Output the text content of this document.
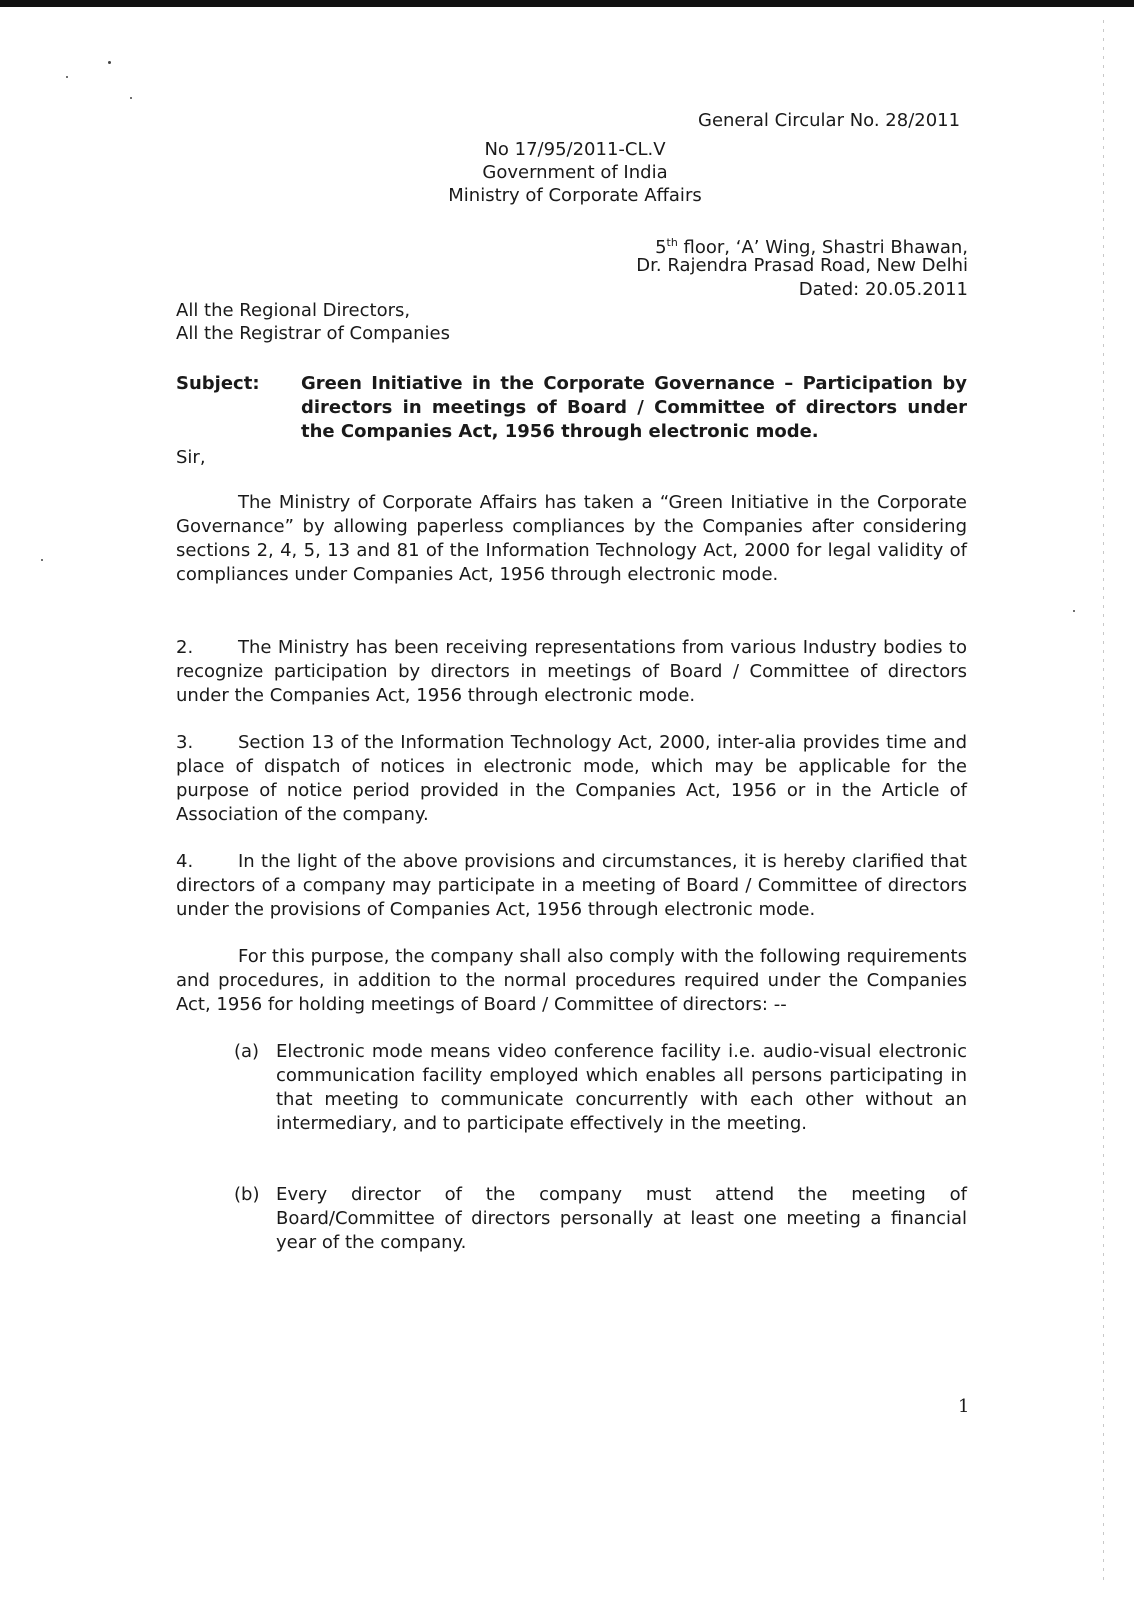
General Circular No. 28/2011
No 17/95/2011-CL.V
Government of India
Ministry of Corporate Affairs
5th floor, ‘A’ Wing, Shastri Bhawan,
Dr. Rajendra Prasad Road, New Delhi
Dated: 20.05.2011
All the Regional Directors,
All the Registrar of Companies
Subject: Green Initiative in the Corporate Governance – Participation by directors in meetings of Board / Committee of directors under the Companies Act, 1956 through electronic mode.
Sir,
The Ministry of Corporate Affairs has taken a “Green Initiative in the Corporate Governance” by allowing paperless compliances by the Companies after considering sections 2, 4, 5, 13 and 81 of the Information Technology Act, 2000 for legal validity of compliances under Companies Act, 1956 through electronic mode.
2. The Ministry has been receiving representations from various Industry bodies to recognize participation by directors in meetings of Board / Committee of directors under the Companies Act, 1956 through electronic mode.
3. Section 13 of the Information Technology Act, 2000, inter-alia provides time and place of dispatch of notices in electronic mode, which may be applicable for the purpose of notice period provided in the Companies Act, 1956 or in the Article of Association of the company.
4. In the light of the above provisions and circumstances, it is hereby clarified that directors of a company may participate in a meeting of Board / Committee of directors under the provisions of Companies Act, 1956 through electronic mode.
For this purpose, the company shall also comply with the following requirements and procedures, in addition to the normal procedures required under the Companies Act, 1956 for holding meetings of Board / Committee of directors: --
(a) Electronic mode means video conference facility i.e. audio-visual electronic communication facility employed which enables all persons participating in that meeting to communicate concurrently with each other without an intermediary, and to participate effectively in the meeting.
(b) Every director of the company must attend the meeting of Board/Committee of directors personally at least one meeting a financial year of the company.
1
